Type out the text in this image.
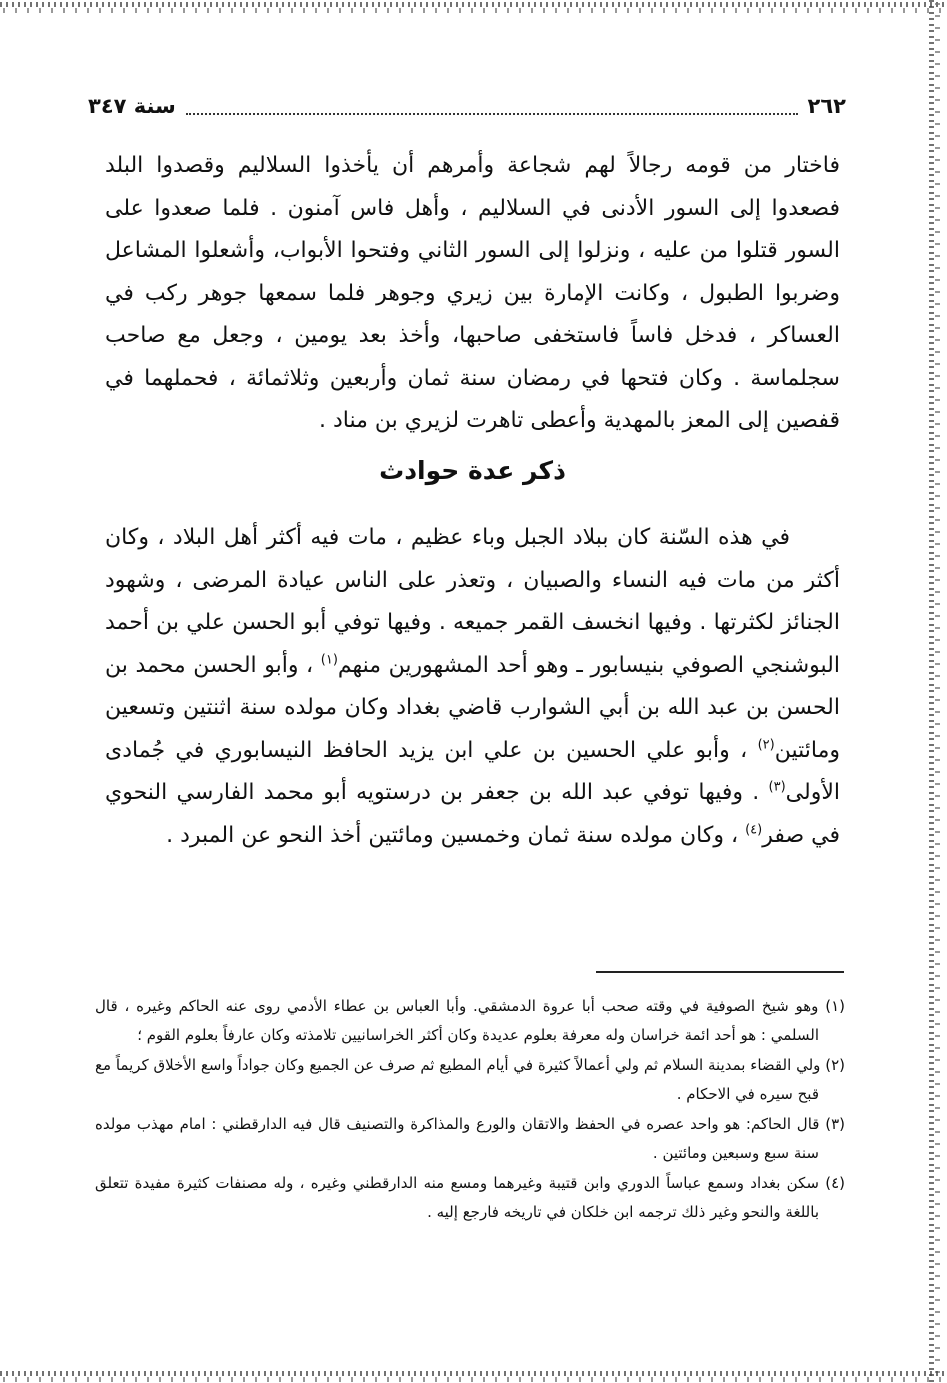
٢٦٢
سنة ٣٤٧

فاختار من قومه رجالاً لهم شجاعة وأمرهم أن يأخذوا السلاليم وقصدوا البلد فصعدوا إلى السور الأدنى في السلاليم ، وأهل فاس آمنون . فلما صعدوا على السور قتلوا من عليه ، ونزلوا إلى السور الثاني وفتحوا الأبواب، وأشعلوا المشاعل وضربوا الطبول ، وكانت الإمارة بين زيري وجوهر فلما سمعها جوهر ركب في العساكر ، فدخل فاساً فاستخفى صاحبها، وأخذ بعد يومين ، وجعل مع صاحب سجلماسة . وكان فتحها في رمضان سنة ثمان وأربعين وثلاثمائة ، فحملهما في قفصين إلى المعز بالمهدية وأعطى تاهرت لزيري بن مناد .

ذكر عدة حوادث

في هذه السّنة كان ببلاد الجبل وباء عظيم ، مات فيه أكثر أهل البلاد ، وكان أكثر من مات فيه النساء والصبيان ، وتعذر على الناس عيادة المرضى ، وشهود الجنائز لكثرتها . وفيها انخسف القمر جميعه . وفيها توفي أبو الحسن علي بن أحمد البوشنجي الصوفي بنيسابور ـ وهو أحد المشهورين منهم$^{(١)}$ ، وأبو الحسن محمد بن الحسن بن عبد الله بن أبي الشوارب قاضي بغداد وكان مولده سنة اثنتين وتسعين ومائتين$^{(٢)}$ ، وأبو علي الحسين بن علي ابن يزيد الحافظ النيسابوري في جُمادى الأولى$^{(٣)}$ . وفيها توفي عبد الله بن جعفر بن درستويه أبو محمد الفارسي النحوي في صفر$^{(٤)}$ ، وكان مولده سنة ثمان وخمسين ومائتين أخذ النحو عن المبرد .

(١) وهو شيخ الصوفية في وقته صحب أبا عروة الدمشقي. وأبا العباس بن عطاء الأدمي روى عنه الحاكم وغيره ، قال السلمي : هو أحد ائمة خراسان وله معرفة بعلوم عديدة وكان أكثر الخراسانيين تلامذته وكان عارفاً بعلوم القوم ؛
(٢) ولي القضاء بمدينة السلام ثم ولي أعمالاً كثيرة في أيام المطيع ثم صرف عن الجميع وكان جواداً واسع الأخلاق كريماً مع قبح سيره في الاحكام .
(٣) قال الحاكم: هو واحد عصره في الحفظ والاتقان والورع والمذاكرة والتصنيف قال فيه الدارقطني : امام مهذب مولده سنة سبع وسبعين ومائتين .
(٤) سكن بغداد وسمع عباساً الدوري وابن قتيبة وغيرهما ومسع منه الدارقطني وغيره ، وله مصنفات كثيرة مفيدة تتعلق باللغة والنحو وغير ذلك ترجمه ابن خلكان في تاريخه فارجع إليه .
